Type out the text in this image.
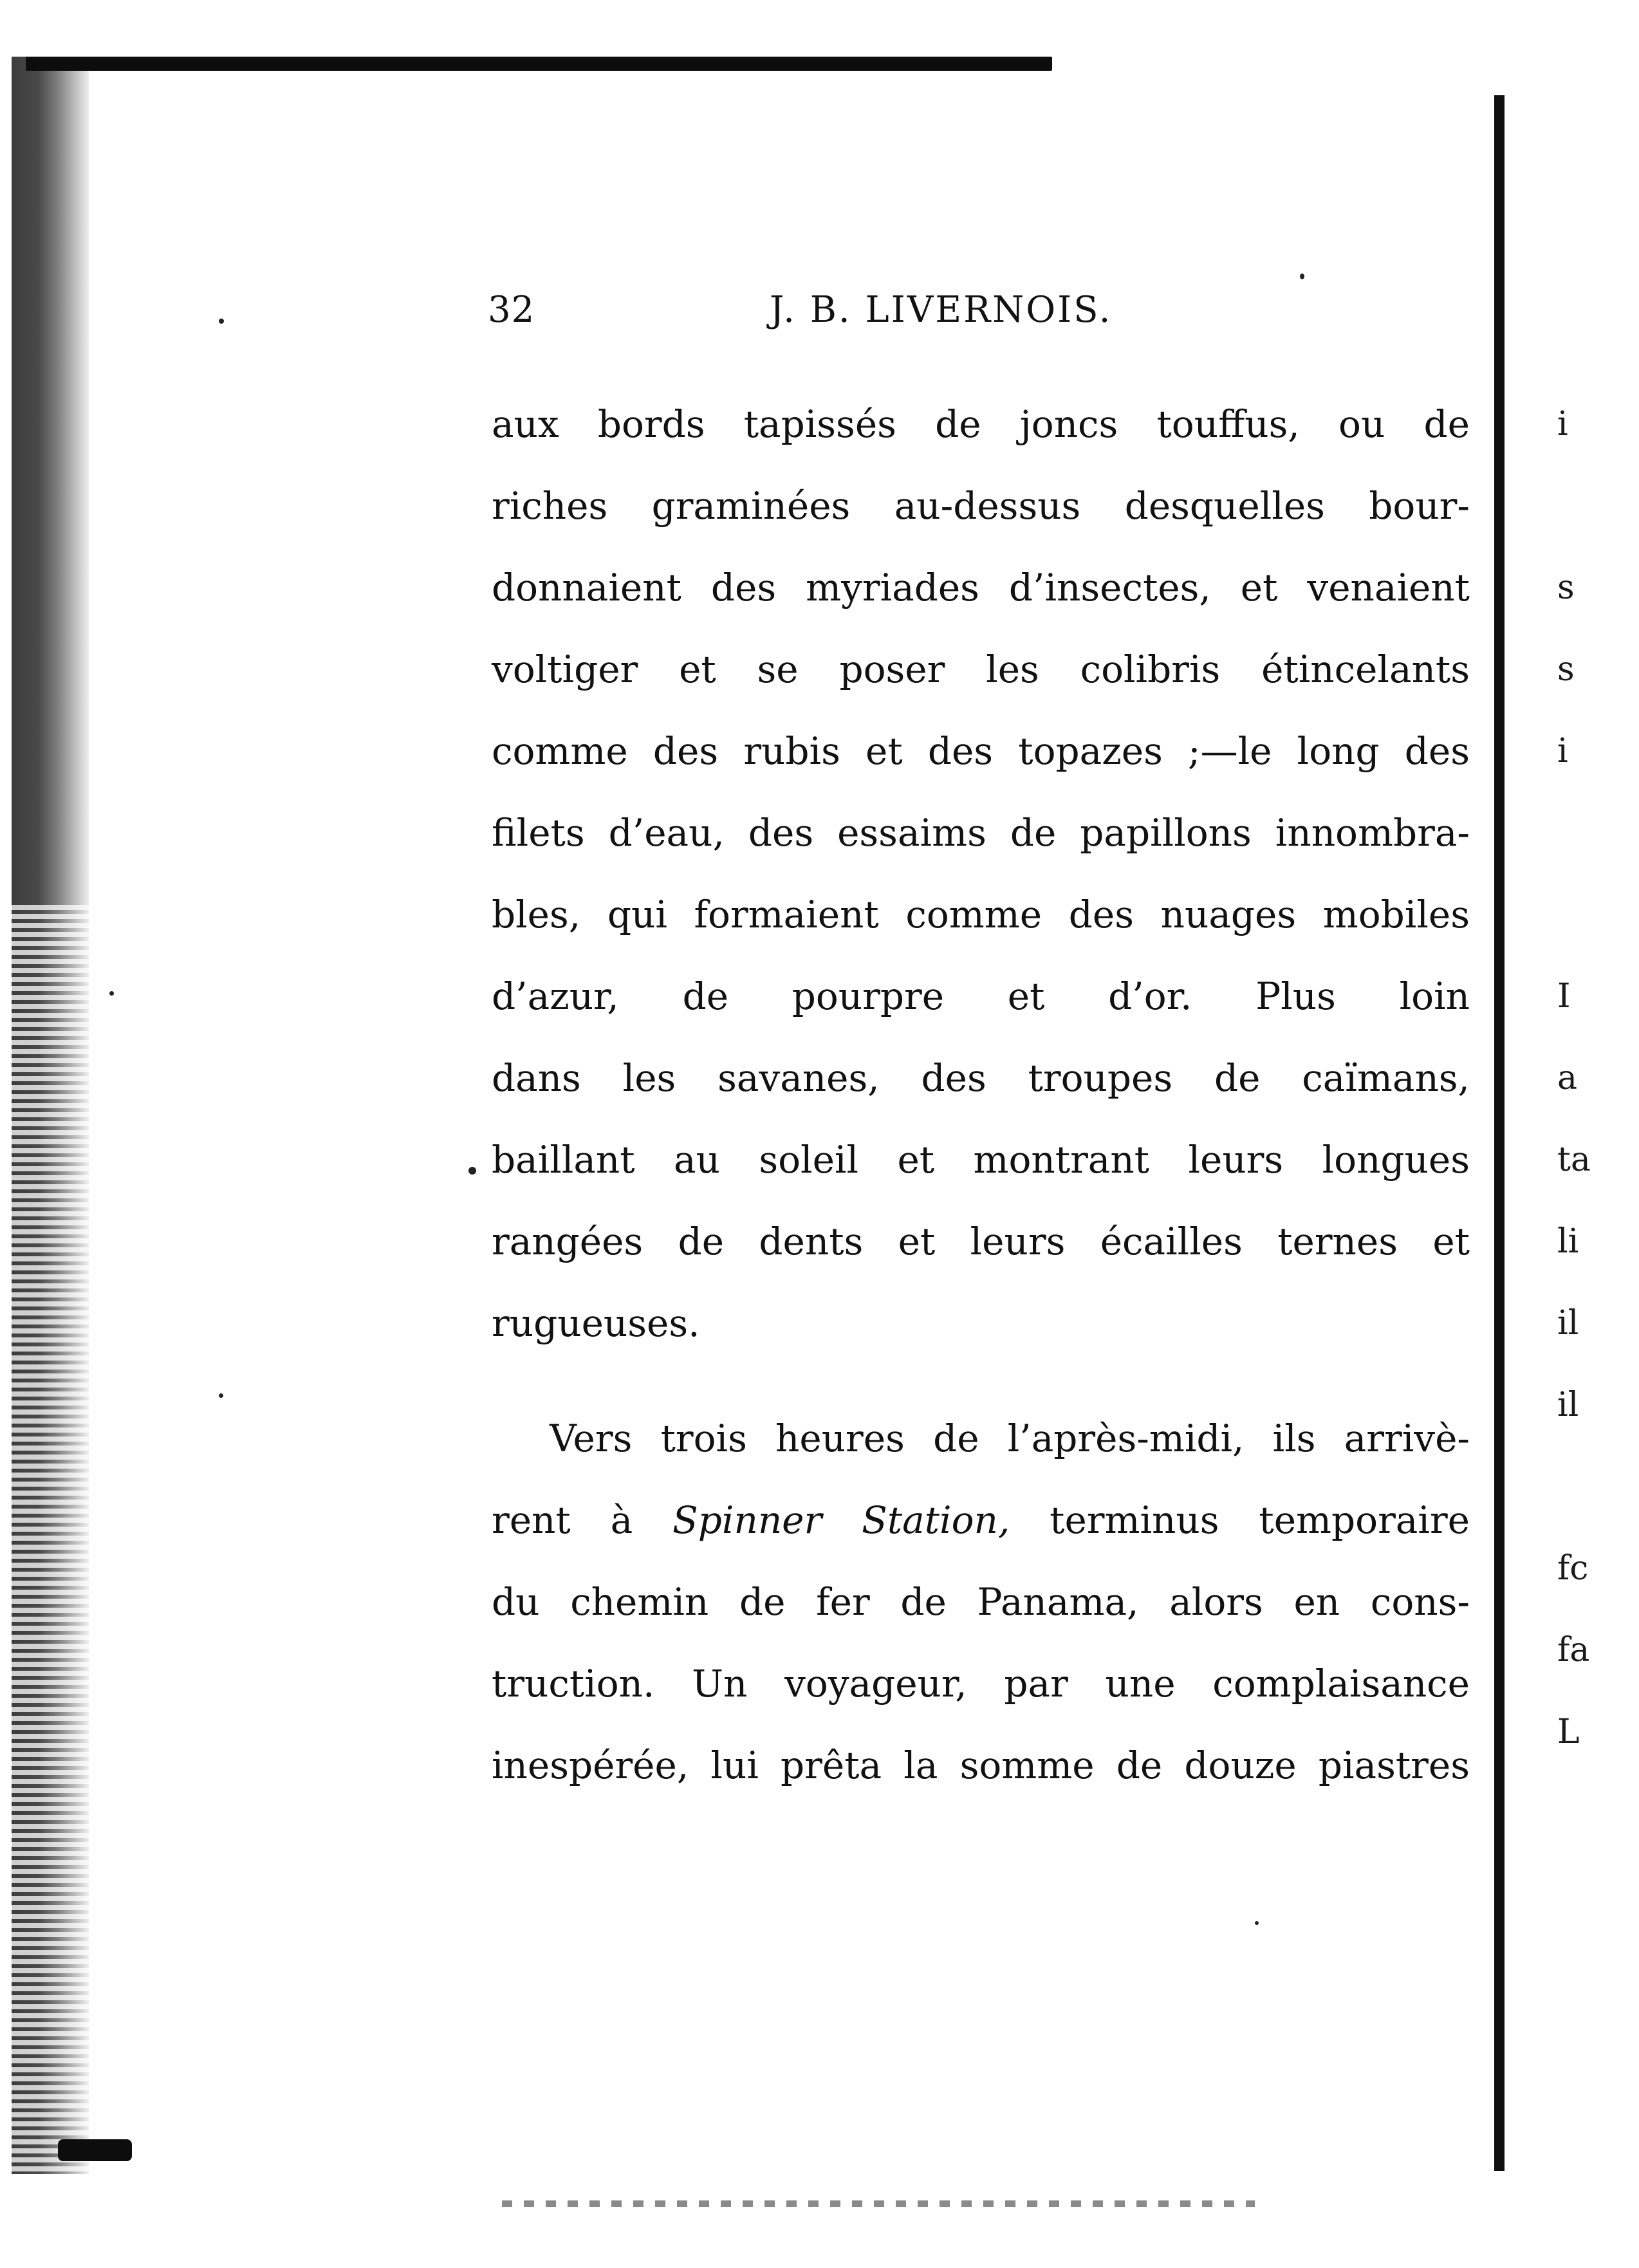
32	J. B. LIVERNOIS.
aux bords tapissés de joncs touffus, ou de
riches graminées au-dessus desquelles bour-
donnaient des myriades d’insectes, et venaient
voltiger et se poser les colibris étincelants
comme des rubis et des topazes ;—le long des
filets d’eau, des essaims de papillons innombra-
bles, qui formaient comme des nuages mobiles
d’azur, de pourpre et d’or. Plus loin
dans les savanes, des troupes de caïmans,
baillant au soleil et montrant leurs longues
rangées de dents et leurs écailles ternes et
rugueuses.
Vers trois heures de l’après-midi, ils arrivè-
rent à Spinner Station, terminus temporaire
du chemin de fer de Panama, alors en cons-
truction. Un voyageur, par une complaisance
inespérée, lui prêta la somme de douze piastres
i
s
s
i
I
a
ta
li
il
il
fc
fa
L
